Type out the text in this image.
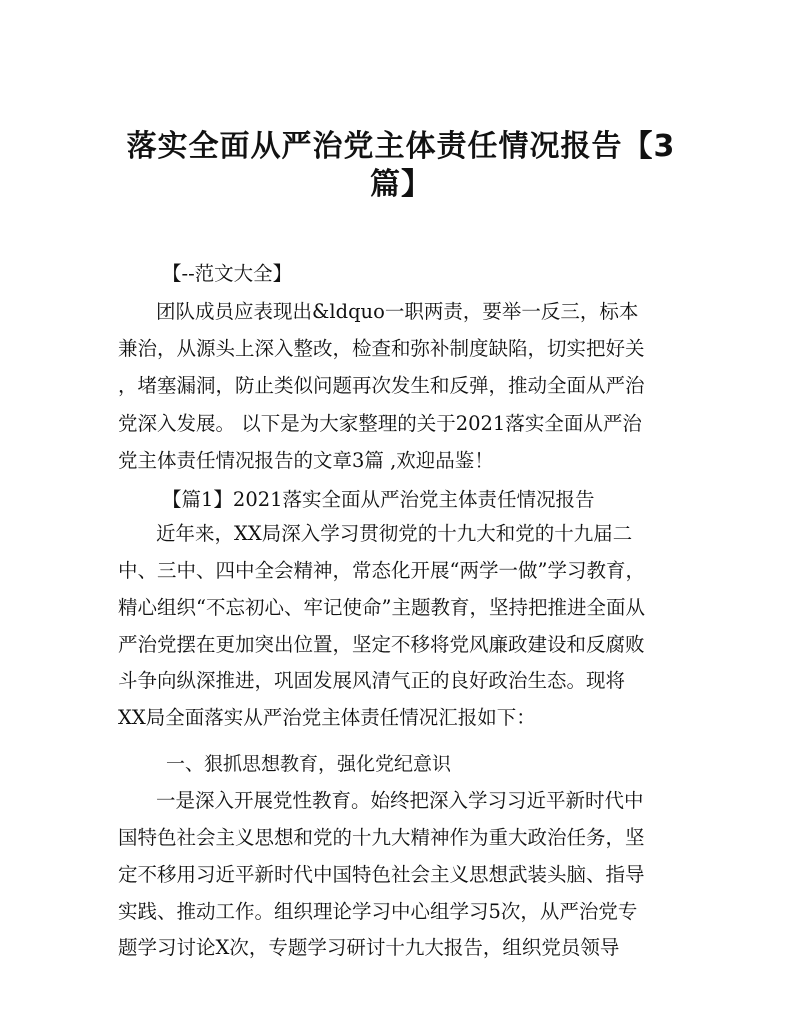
落实全面从严治党主体责任情况报告【3篇】

【--范文大全】

团队成员应表现出&ldquo一职两责，要举一反三，标本

兼治，从源头上深入整改，检查和弥补制度缺陷，切实把好关

，堵塞漏洞，防止类似问题再次发生和反弹，推动全面从严治

党深入发展。 以下是为大家整理的关于2021落实全面从严治

党主体责任情况报告的文章3篇 ,欢迎品鉴！

【篇1】2021落实全面从严治党主体责任情况报告

近年来，XX局深入学习贯彻党的十九大和党的十九届二

中、三中、四中全会精神，常态化开展“两学一做”学习教育，

精心组织“不忘初心、牢记使命”主题教育，坚持把推进全面从

严治党摆在更加突出位置，坚定不移将党风廉政建设和反腐败

斗争向纵深推进，巩固发展风清气正的良好政治生态。现将

XX局全面落实从严治党主体责任情况汇报如下：

一、狠抓思想教育，强化党纪意识

一是深入开展党性教育。始终把深入学习习近平新时代中

国特色社会主义思想和党的十九大精神作为重大政治任务，坚

定不移用习近平新时代中国特色社会主义思想武装头脑、指导

实践、推动工作。组织理论学习中心组学习5次，从严治党专

题学习讨论X次，专题学习研讨十九大报告，组织党员领导
